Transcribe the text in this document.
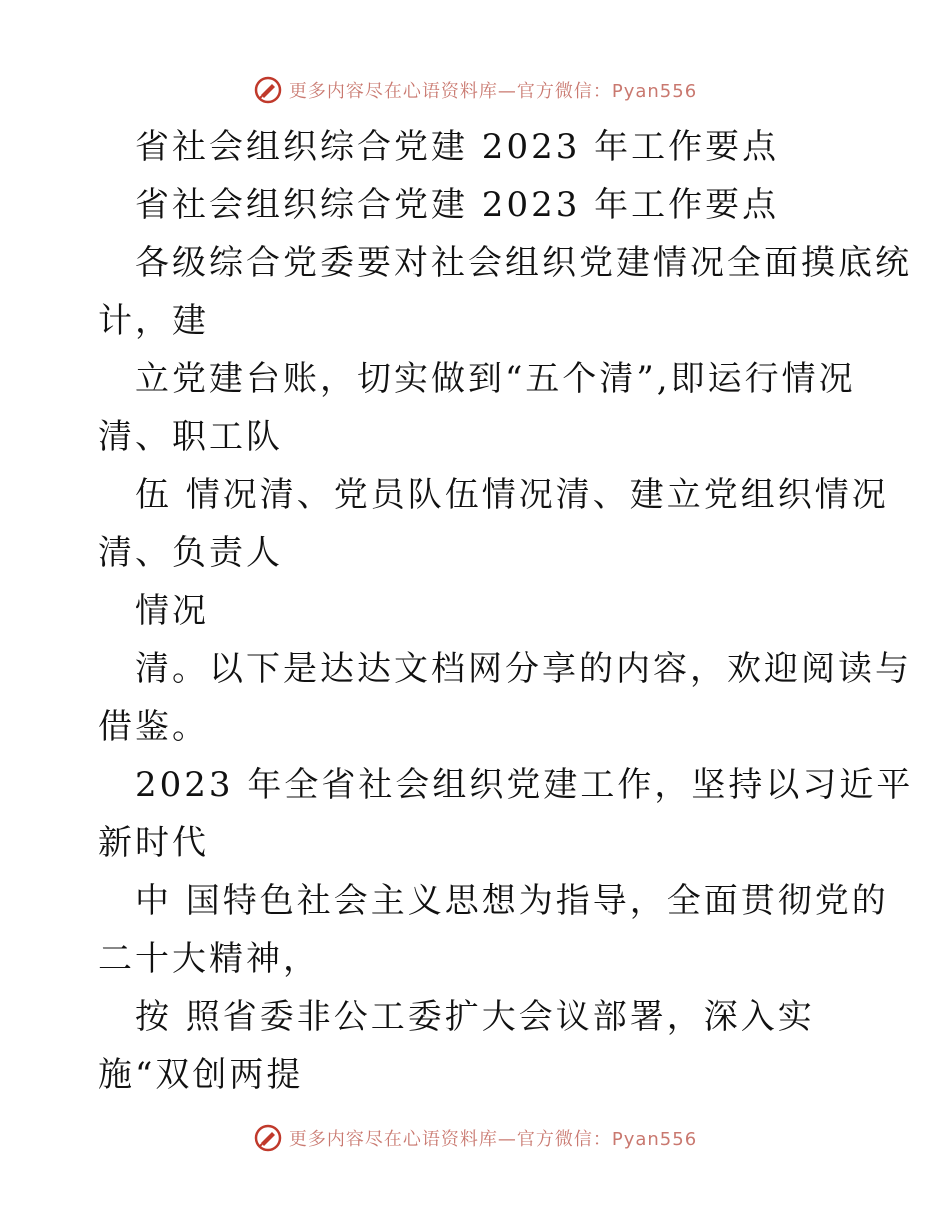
更多内容尽在心语资料库—官方微信：Pyan556
省社会组织综合党建 2023 年工作要点
省社会组织综合党建 2023 年工作要点
各级综合党委要对社会组织党建情况全面摸底统
计，建
立党建台账，切实做到“五个清”,即运行情况
清、职工队
伍 情况清、党员队伍情况清、建立党组织情况
清、负责人
情况
清。以下是达达文档网分享的内容，欢迎阅读与
借鉴。
2023 年全省社会组织党建工作，坚持以习近平
新时代
中 国特色社会主义思想为指导，全面贯彻党的
二十大精神，
按 照省委非公工委扩大会议部署，深入实
施“双创两提
更多内容尽在心语资料库—官方微信：Pyan556
